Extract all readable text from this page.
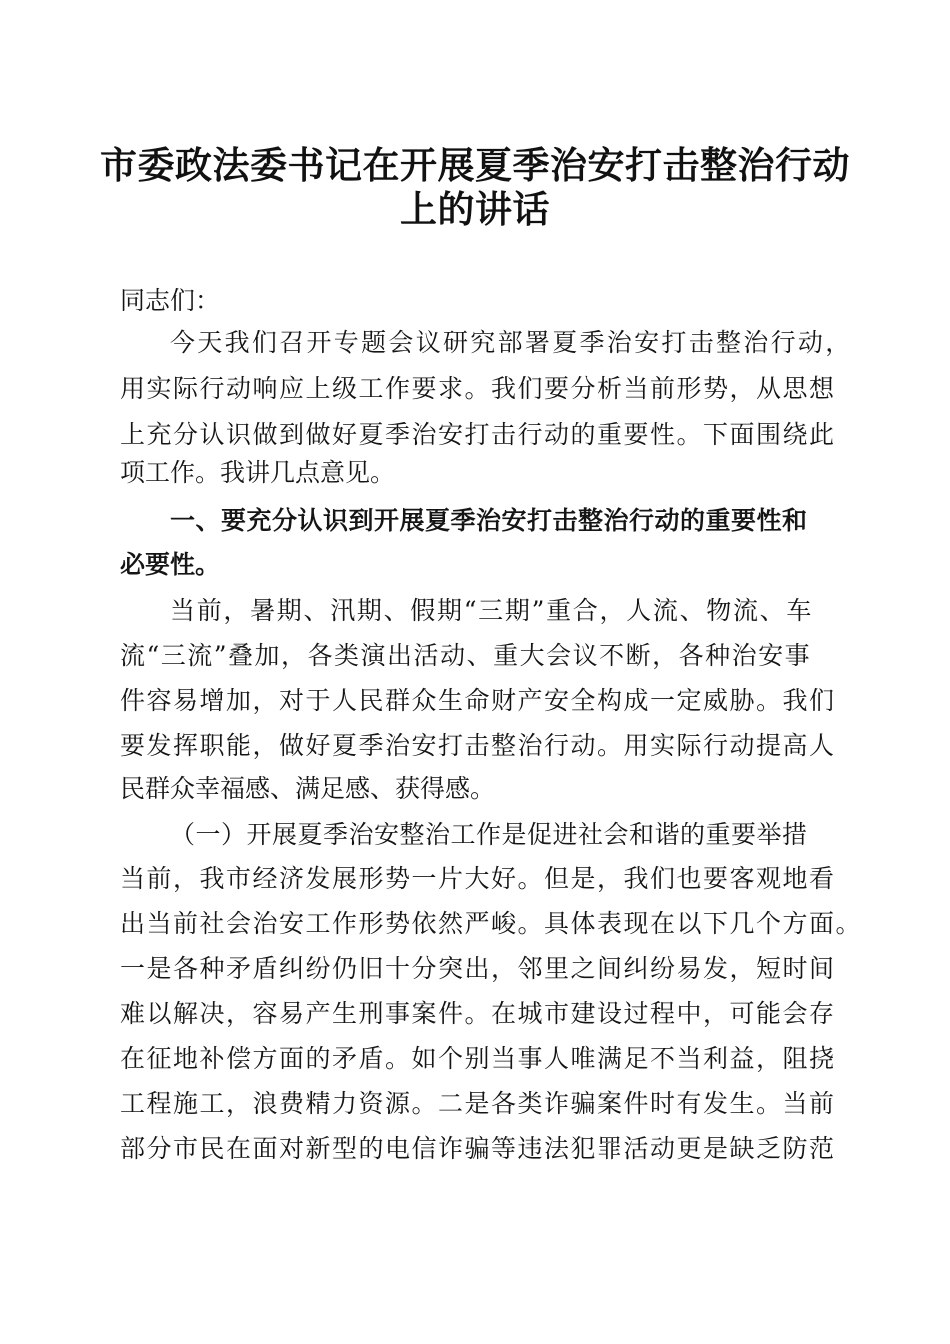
市委政法委书记在开展夏季治安打击整治行动
上的讲话
同志们：
今天我们召开专题会议研究部署夏季治安打击整治行动，
用实际行动响应上级工作要求。我们要分析当前形势，从思想
上充分认识做到做好夏季治安打击行动的重要性。下面围绕此
项工作。我讲几点意见。
一、要充分认识到开展夏季治安打击整治行动的重要性和
必要性。
当前，暑期、汛期、假期“三期”重合，人流、物流、车
流“三流”叠加，各类演出活动、重大会议不断，各种治安事
件容易增加，对于人民群众生命财产安全构成一定威胁。我们
要发挥职能，做好夏季治安打击整治行动。用实际行动提高人
民群众幸福感、满足感、获得感。
（一）开展夏季治安整治工作是促进社会和谐的重要举措
当前，我市经济发展形势一片大好。但是，我们也要客观地看
出当前社会治安工作形势依然严峻。具体表现在以下几个方面。
一是各种矛盾纠纷仍旧十分突出，邻里之间纠纷易发，短时间
难以解决，容易产生刑事案件。在城市建设过程中，可能会存
在征地补偿方面的矛盾。如个别当事人唯满足不当利益，阻挠
工程施工，浪费精力资源。二是各类诈骗案件时有发生。当前
部分市民在面对新型的电信诈骗等违法犯罪活动更是缺乏防范
